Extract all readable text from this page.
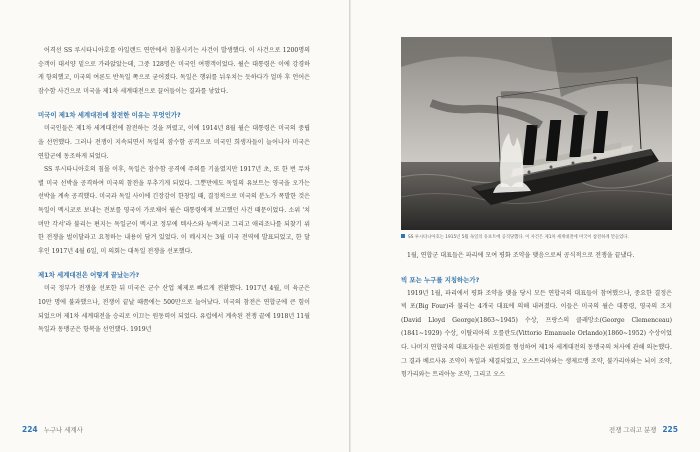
어격선 SS 루시타니아호를 아일랜드 연안에서 침몰시키는 사건이 발생했다. 이 사건으로 1200명의 승객이 대서양 밑으로 가라앉았는데, 그중 128명은 미국인 여행객이었다. 윌슨 대통령은 이에 강경하게 항의했고, 미국의 여론도 반독일 쪽으로 굳어졌다. 독일은 행위를 뉘우치는 듯하다가 얼마 후 언어은 잠수함 사건으로 미국을 제1차 세계대전으로 끌어들이는 결과를 낳았다.

미국이 제1차 세계대전에 참전한 이유는 무엇인가?

미국인들은 제1차 세계대전에 참전하는 것을 꺼렸고, 이에 1914년 8월 윌슨 대통령은 미국의 중립을 선언했다. 그러나 전쟁이 지속되면서 독일의 잠수함 공격으로 미국인 희생자들이 늘어나자 미국은 연합군에 동조하게 되었다.

SS 루시타니아호의 침몰 이후, 독일은 잠수함 공격에 주의를 기울였지만 1917년 초, 또 한 번 무차별 미국 선박을 공격하여 미국의 참전을 부추기게 되었다. 그뿐만에도 독일의 유보트는 영국을 오가는 선박을 계속 공격했다. 미국과 독일 사이에 긴장감이 한창일 때, 결정적으로 미국의 분노가 폭발한 것은 독일이 멕시코로 보내는 전보를 영국이 가로채어 윌슨 대통령에게 보고했던 사건 때문이었다. 소위 '치머만 각서'라 불리는 편지는 독일군이 멕시코 정부에 텍사스와 뉴멕시코 그리고 애리조나를 되찾기 위한 전쟁을 벌이달라고 요청하는 내용이 담겨 있었다. 이 메시지는 3월 미국 전역에 발표되었고, 한 달 후인 1917년 4월 6일, 미 의회는 대독일 전쟁을 선포했다.

제1차 세계대전은 어떻게 끝났는가?

미국 정부가 전쟁을 선포한 뒤 미국은 군수 산업 체제로 빠르게 전환했다. 1917년 4월, 미 육군은 10만 명에 불과했으나, 전쟁이 끝날 때쯤에는 500만으로 늘어났다. 미국의 참전은 연합군에 큰 힘이 되었으며 제1차 세계대전을 승리로 이끄는 원동력이 되었다. 유럽에서 계속된 전쟁 끝에 1918년 11월 독일과 동맹군은 항복을 선언했다. 1919년

224 누구나 세계사
SS 루시타니아호는 1915년 5월 독일의 유보트에 공격당했다. 이 사건은 제1차 세계대전에 미국이 참전하게 만들었다.

1월, 연합군 대표들은 파리에 모여 평화 조약을 맺음으로써 공식적으로 전쟁을 끝냈다.

빅 포는 누구를 지칭하는가?

1919년 1월, 파리에서 평화 조약을 맺을 당시 모든 연합국의 대표들이 참여했으나, 중요한 결정은 빅 포(Big Four)라 불리는 4개국 대표에 의해 내려졌다. 이들은 미국의 윌슨 대통령, 영국의 조지(David Lloyd George)(1863~1945) 수상, 프랑스의 클레망소(George Clemenceau)(1841~1929) 수상, 이탈리아의 오를란도(Vittorio Emanuele Orlando)(1860~1952) 수상이었다. 나머지 연합국의 대표자들은 위원회를 형성하여 제1차 세계대전의 동맹국의 처사에 관해 의논했다. 그 결과 베르사유 조약이 독일과 체결되었고, 오스트리아와는 생제르맹 조약, 불가리아와는 뇌이 조약, 헝가리와는 트리아농 조약, 그리고 오스

전쟁 그리고 분쟁 225
